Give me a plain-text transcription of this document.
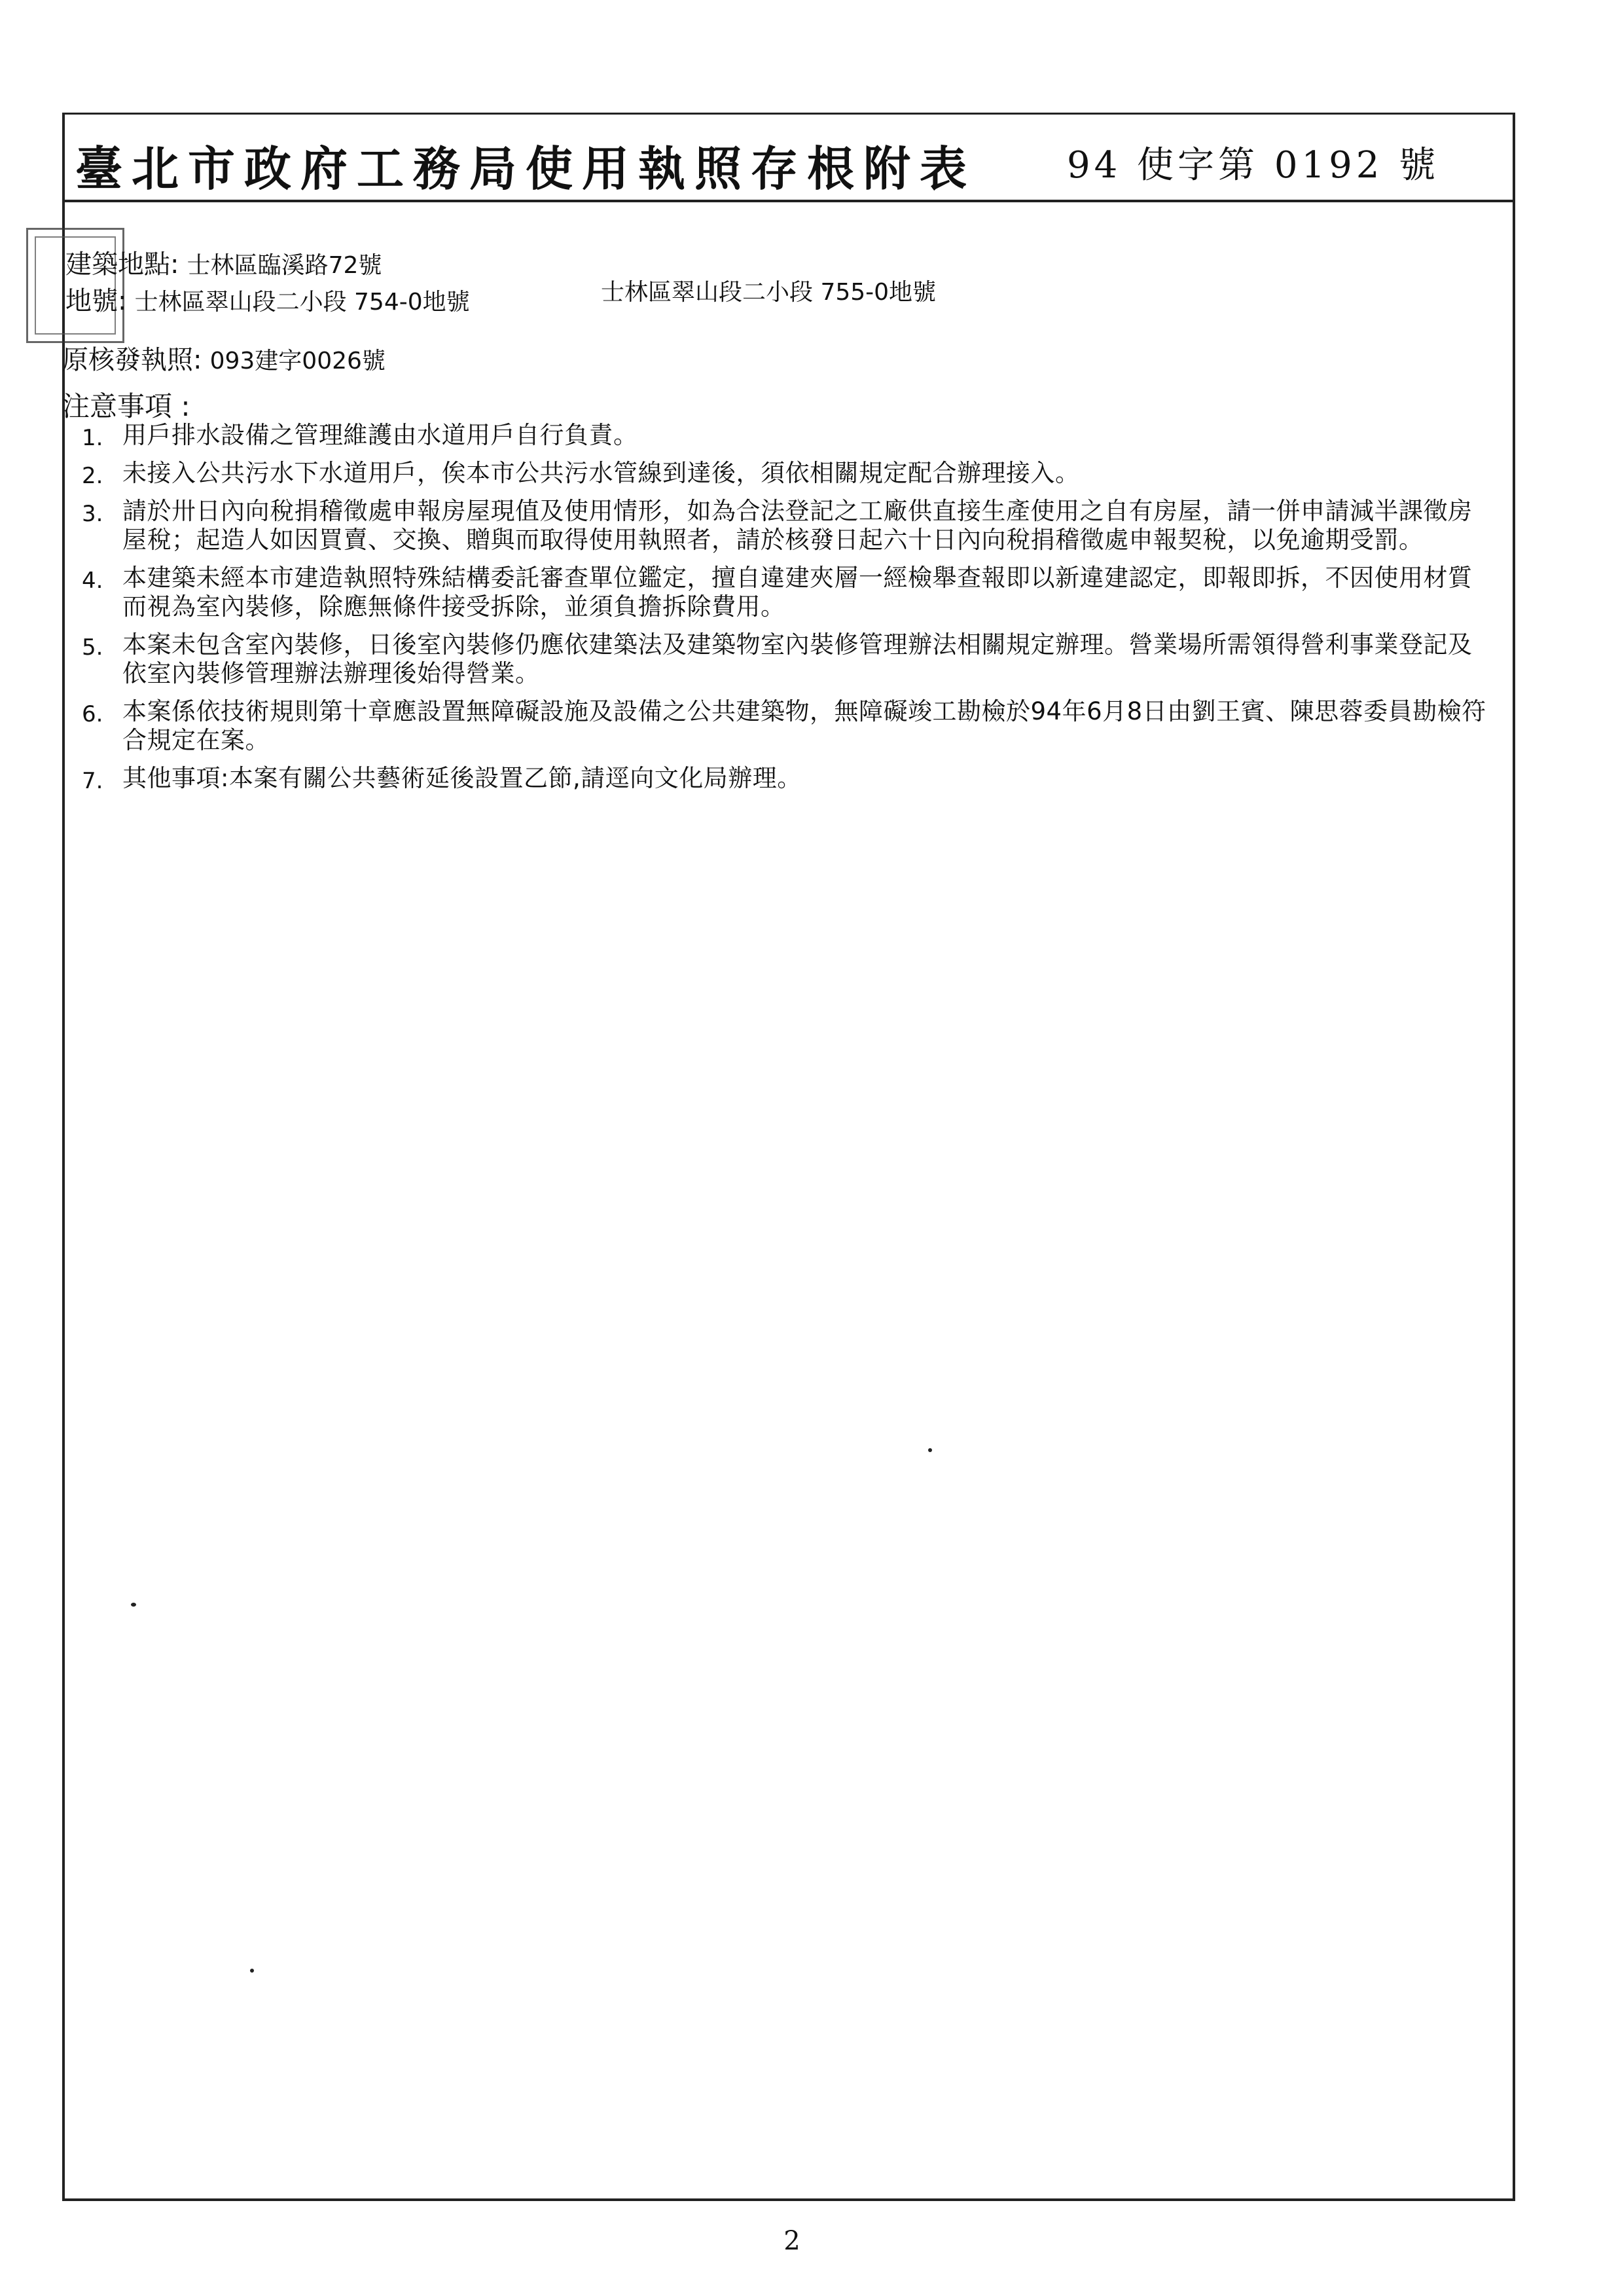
臺北市政府工務局使用執照存根附表 94 使字第 0192 號
建築地點: 士林區臨溪路72號
地號: 士林區翠山段二小段 754-0地號	士林區翠山段二小段 755-0地號
原核發執照: 093建字0026號
注意事項 :
1. 用戶排水設備之管理維護由水道用戶自行負責。
2. 未接入公共污水下水道用戶，俟本市公共污水管線到達後，須依相關規定配合辦理接入。
3. 請於卅日內向稅捐稽徵處申報房屋現值及使用情形，如為合法登記之工廠供直接生產使用之自有房屋，請一併申請減半課徵房屋稅；起造人如因買賣、交換、贈與而取得使用執照者，請於核發日起六十日內向稅捐稽徵處申報契稅，以免逾期受罰。
4. 本建築未經本市建造執照特殊結構委託審查單位鑑定，擅自違建夾層一經檢舉查報即以新違建認定，即報即拆，不因使用材質而視為室內裝修，除應無條件接受拆除，並須負擔拆除費用。
5. 本案未包含室內裝修，日後室內裝修仍應依建築法及建築物室內裝修管理辦法相關規定辦理。營業場所需領得營利事業登記及依室內裝修管理辦法辦理後始得營業。
6. 本案係依技術規則第十章應設置無障礙設施及設備之公共建築物，無障礙竣工勘檢於94年6月8日由劉王賓、陳思蓉委員勘檢符合規定在案。
7. 其他事項:本案有關公共藝術延後設置乙節,請逕向文化局辦理。
2
